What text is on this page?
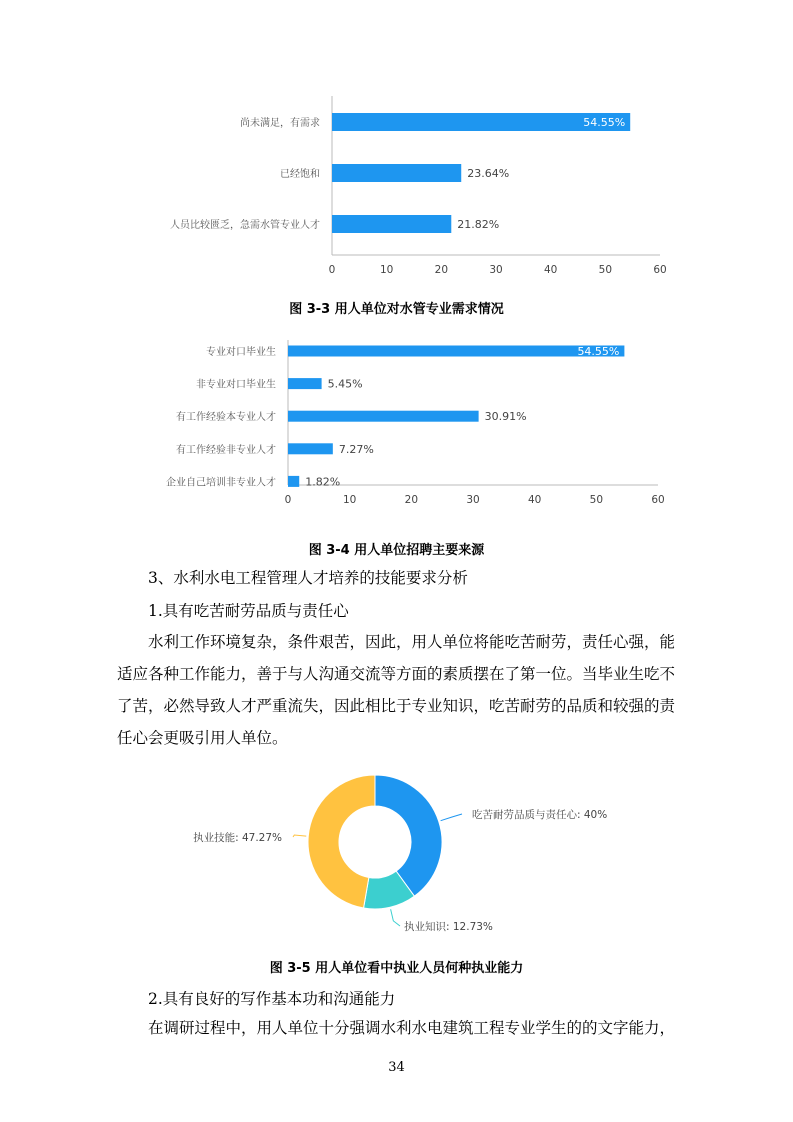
0	10	20	30	40	50	60
尚未满足，有需求	54.55%
已经饱和	23.64%
人员比较匮乏，急需水管专业人才	21.82%
图 3-3 用人单位对水管专业需求情况
0	10	20	30	40	50	60
专业对口毕业生	54.55%
非专业对口毕业生	5.45%
有工作经验本专业人才	30.91%
有工作经验非专业人才	7.27%
企业自己培训非专业人才	1.82%
图 3-4 用人单位招聘主要来源

3、水利水电工程管理人才培养的技能要求分析

1.具有吃苦耐劳品质与责任心

水利工作环境复杂，条件艰苦，因此，用人单位将能吃苦耐劳，责任心强，能适应各种工作能力，善于与人沟通交流等方面的素质摆在了第一位。当毕业生吃不了苦，必然导致人才严重流失，因此相比于专业知识，吃苦耐劳的品质和较强的责任心会更吸引用人单位。

吃苦耐劳品质与责任心: 40%
执业知识: 12.73%
执业技能: 47.27%
图 3-5 用人单位看中执业人员何种执业能力

2.具有良好的写作基本功和沟通能力

在调研过程中，用人单位十分强调水利水电建筑工程专业学生的的文字能力，

34
